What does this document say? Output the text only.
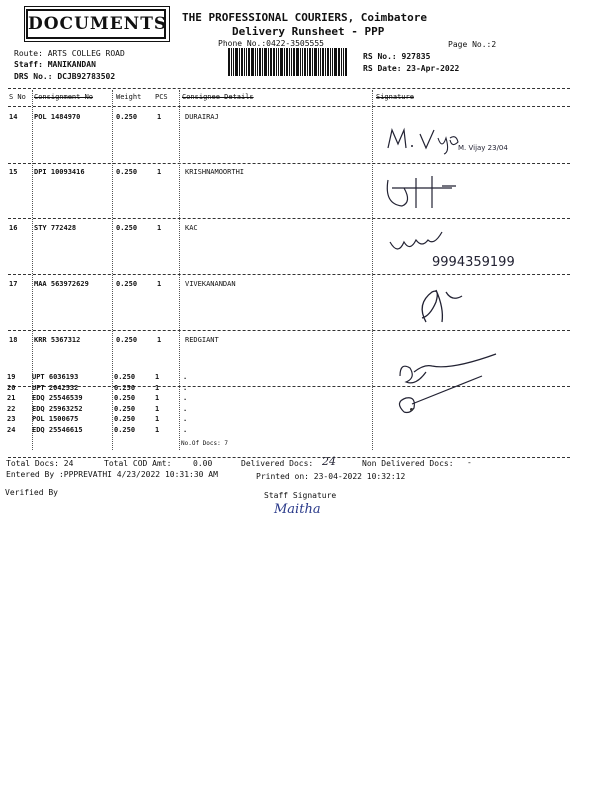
DOCUMENTS THE PROFESSIONAL COURIERS, Coimbatore
Delivery Runsheet - PPP
Phone No.:0422-3505555	Page No.:2
Route: ARTS COLLEG ROAD
Staff: MANIKANDAN
DRS No.: DCJB92783502
RS No.: 927835
RS Date: 23-Apr-2022
S No Consignment No	Weight PCS Consignee Details	Signature
14 POL 1484970	0.250	1	DURAIRAJ
15 DPI 10093416	0.250	1	KRISHNAMOORTHI
16 STY 772428	0.250	1	KAC
17 MAA 563972629	0.250	1	VIVEKANANDAN
18 KRR 5367312	0.250	1	REDGIANT
19 UPT 6036193	0.250	1	.
20 UPT 2042532	0.250	1	.
21 EDQ 25546539	0.250	1	.
22 EDQ 25963252	0.250	1	.
23 POL 1500675	0.250	1	.
24 EDQ 25546615	0.250	1	.
No.Of Docs: 7
M. Vijay 23/04
9994359199
Total Docs: 24	Total COD Amt:	0.00	Delivered Docs: 24	Non Delivered Docs: -
Entered By :PPPREVATHI 4/23/2022 10:31:30 AM	Printed on: 23-04-2022 10:32:12
Verified By	Staff Signature
Maitha
